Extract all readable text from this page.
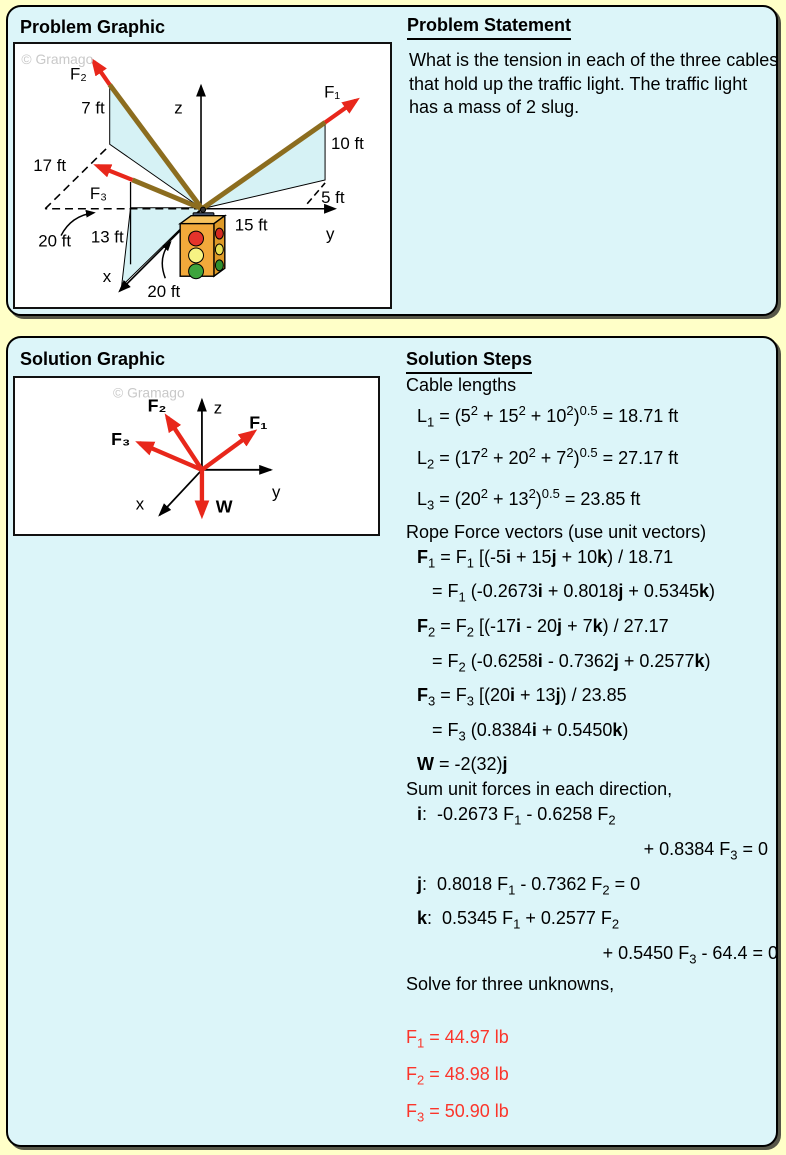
Problem Graphic
© Gramago
z
y
x
F₁
F₂
F₃
7 ft
17 ft
13 ft
20 ft
20 ft
15 ft
5 ft
10 ft
Problem Statement

What is the tension in each of the three cables that hold up the traffic light. The traffic light has a mass of 2 slug.

Solution Graphic
© Gramago
z
y
x
F₂
F₁
F₃
W
Solution Steps
Cable lengths
$L_1 = (5^2 + 15^2 + 10^2)^{0.5} = 18.71$ ft
$L_2 = (17^2 + 20^2 + 7^2)^{0.5} = 27.17$ ft
$L_3 = (20^2 + 13^2)^{0.5} = 23.85$ ft
Rope Force vectors (use unit vectors)
$F_1 = F_1$ [(-5i + 15j + 10k) / 18.71
= $F_1$ (-0.2673i + 0.8018j + 0.5345k)
$F_2 = F_2$ [(-17i - 20j + 7k) / 27.17
= $F_2$ (-0.6258i - 0.7362j + 0.2577k)
$F_3 = F_3$ [(20i + 13j) / 23.85
= $F_3$ (0.8384i + 0.5450k)
W = -2(32)j
Sum unit forces in each direction,
i:  -0.2673 $F_1 - 0.6258$ $F_2$
+ 0.8384 $F_3 = 0$
j:  0.8018 $F_1 - 0.7362$ $F_2 = 0$
k:  0.5345 $F_1 + 0.2577$ $F_2$
+ 0.5450 $F_3 - 64.4 = 0$
Solve for three unknowns,
$F_1 = 44.97$ lb
$F_2 = 48.98$ lb
$F_3 = 50.90$ lb
